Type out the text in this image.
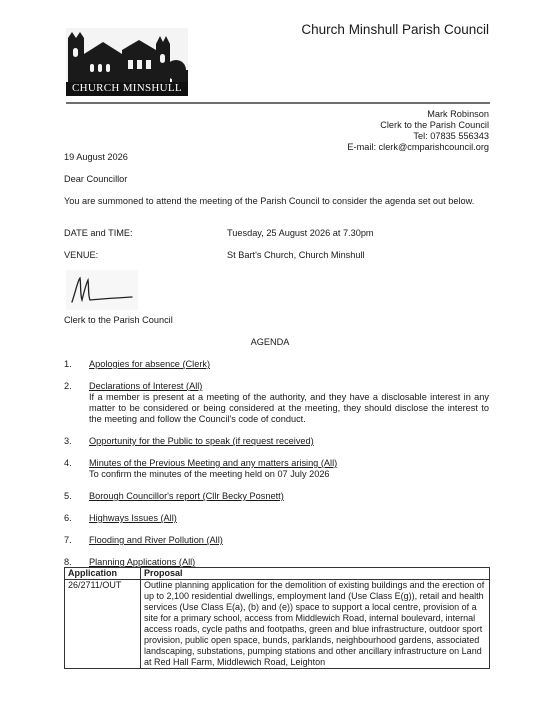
CHURCH MINSHULL
Church Minshull Parish Council
Mark Robinson
Clerk to the Parish Council
Tel: 07835 556343
E-mail: clerk@cmparishcouncil.org
19 August 2026
Dear Councillor
You are summoned to attend the meeting of the Parish Council to consider the agenda set out below.
DATE and TIME:	Tuesday, 25 August 2026 at 7.30pm
VENUE:	St Bart's Church, Church Minshull
Clerk to the Parish Council
AGENDA
1. Apologies for absence (Clerk)
2. Declarations of Interest (All)
If a member is present at a meeting of the authority, and they have a disclosable interest in any matter to be considered or being considered at the meeting, they should disclose the interest to the meeting and follow the Council's code of conduct.
3. Opportunity for the Public to speak (if request received)
4. Minutes of the Previous Meeting and any matters arising (All)
To confirm the minutes of the meeting held on 07 July 2026
5. Borough Councillor's report (Cllr Becky Posnett)
6. Highways Issues (All)
7. Flooding and River Pollution (All)
8. Planning Applications (All)
Application	Proposal
26/2711/OUT	Outline planning application for the demolition of existing buildings and the erection of up to 2,100 residential dwellings, employment land (Use Class E(g)), retail and health services (Use Class E(a), (b) and (e)) space to support a local centre, provision of a site for a primary school, access from Middlewich Road, internal boulevard, internal access roads, cycle paths and footpaths, green and blue infrastructure, outdoor sport provision, public open space, bunds, parklands, neighbourhood gardens, associated landscaping, substations, pumping stations and other ancillary infrastructure on Land at Red Hall Farm, Middlewich Road, Leighton
